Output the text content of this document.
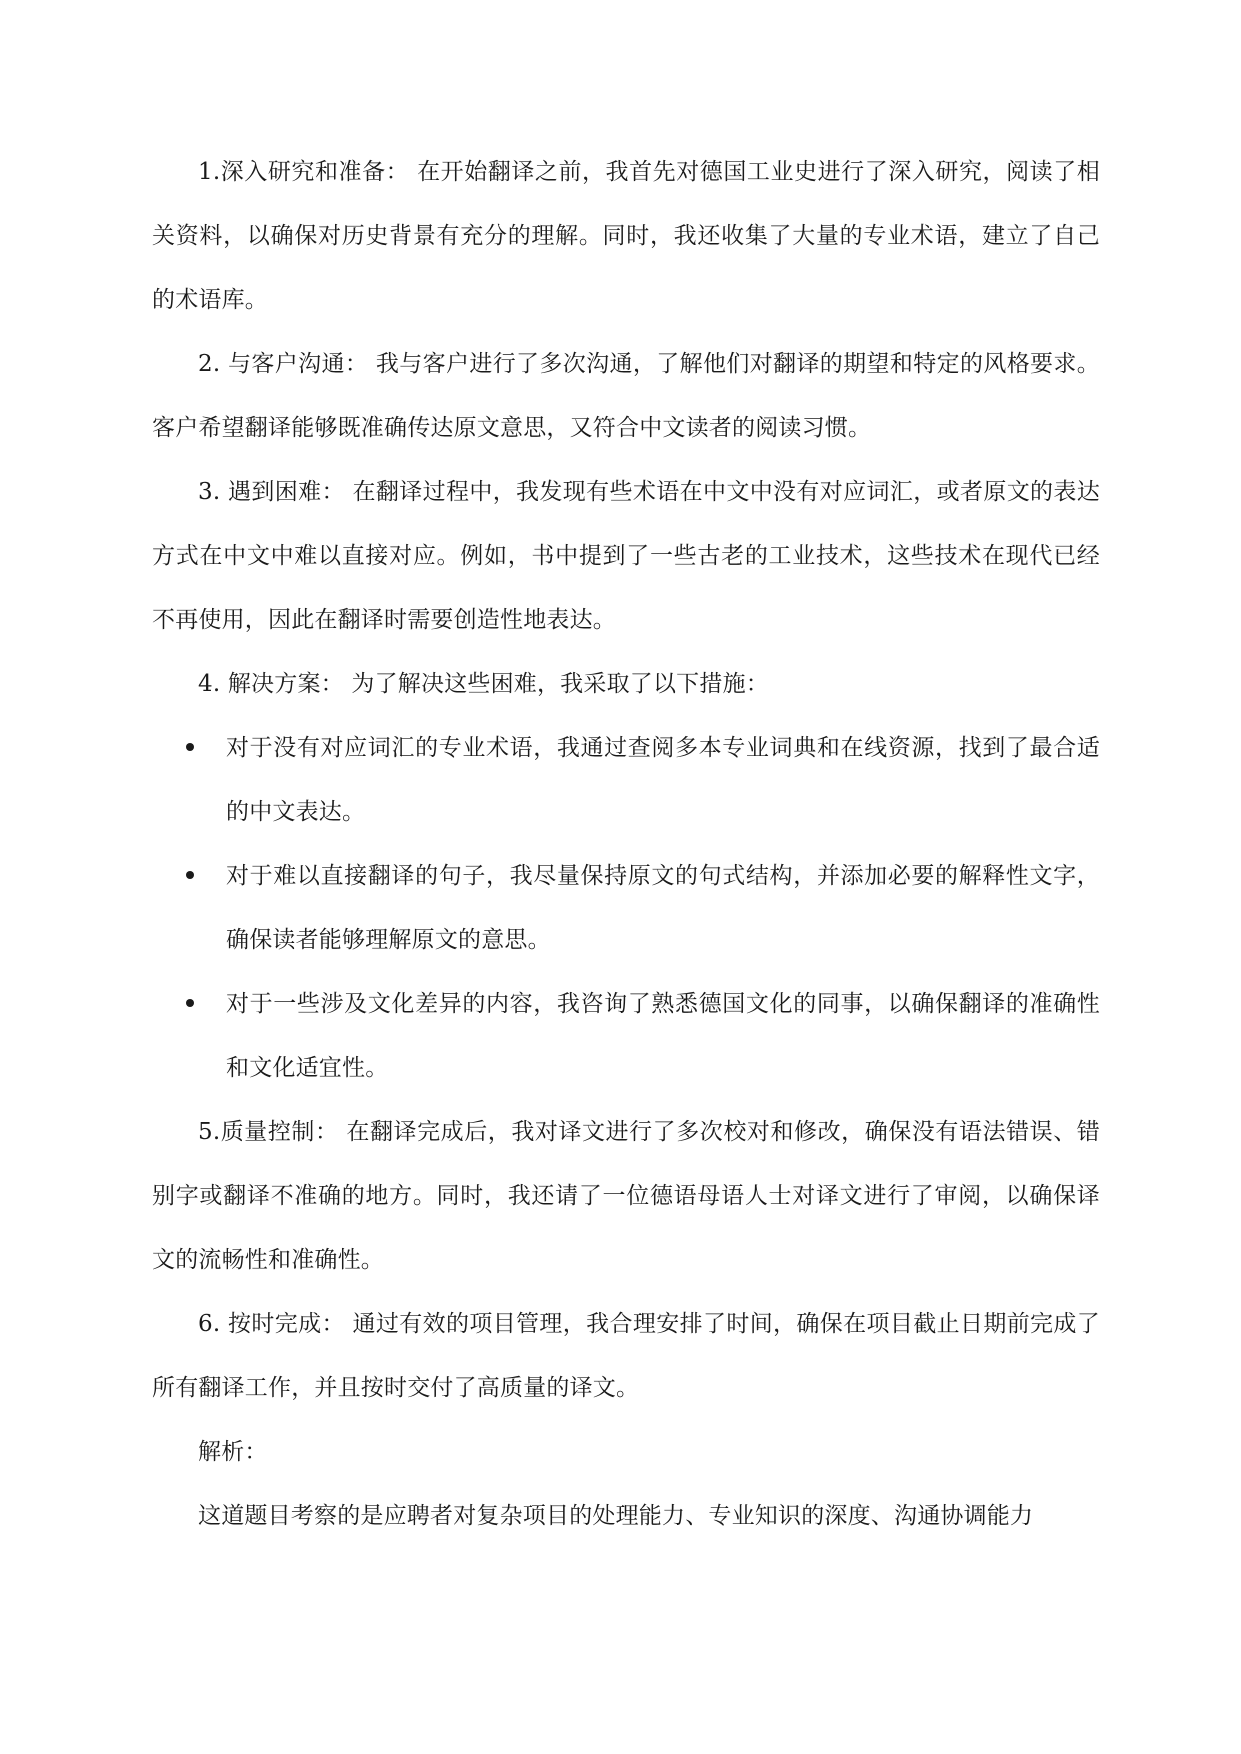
1.深入研究和准备： 在开始翻译之前，我首先对德国工业史进行了深入研究，阅读了相关资料，以确保对历史背景有充分的理解。同时，我还收集了大量的专业术语，建立了自己的术语库。

2. 与客户沟通： 我与客户进行了多次沟通，了解他们对翻译的期望和特定的风格要求。客户希望翻译能够既准确传达原文意思，又符合中文读者的阅读习惯。

3. 遇到困难： 在翻译过程中，我发现有些术语在中文中没有对应词汇，或者原文的表达方式在中文中难以直接对应。例如，书中提到了一些古老的工业技术，这些技术在现代已经不再使用，因此在翻译时需要创造性地表达。

4. 解决方案： 为了解决这些困难，我采取了以下措施：

对于没有对应词汇的专业术语，我通过查阅多本专业词典和在线资源，找到了最合适的中文表达。
对于难以直接翻译的句子，我尽量保持原文的句式结构，并添加必要的解释性文字，确保读者能够理解原文的意思。
对于一些涉及文化差异的内容，我咨询了熟悉德国文化的同事，以确保翻译的准确性和文化适宜性。

5.质量控制： 在翻译完成后，我对译文进行了多次校对和修改，确保没有语法错误、错别字或翻译不准确的地方。同时，我还请了一位德语母语人士对译文进行了审阅，以确保译文的流畅性和准确性。

6. 按时完成： 通过有效的项目管理，我合理安排了时间，确保在项目截止日期前完成了所有翻译工作，并且按时交付了高质量的译文。

解析：

这道题目考察的是应聘者对复杂项目的处理能力、专业知识的深度、沟通协调能力
